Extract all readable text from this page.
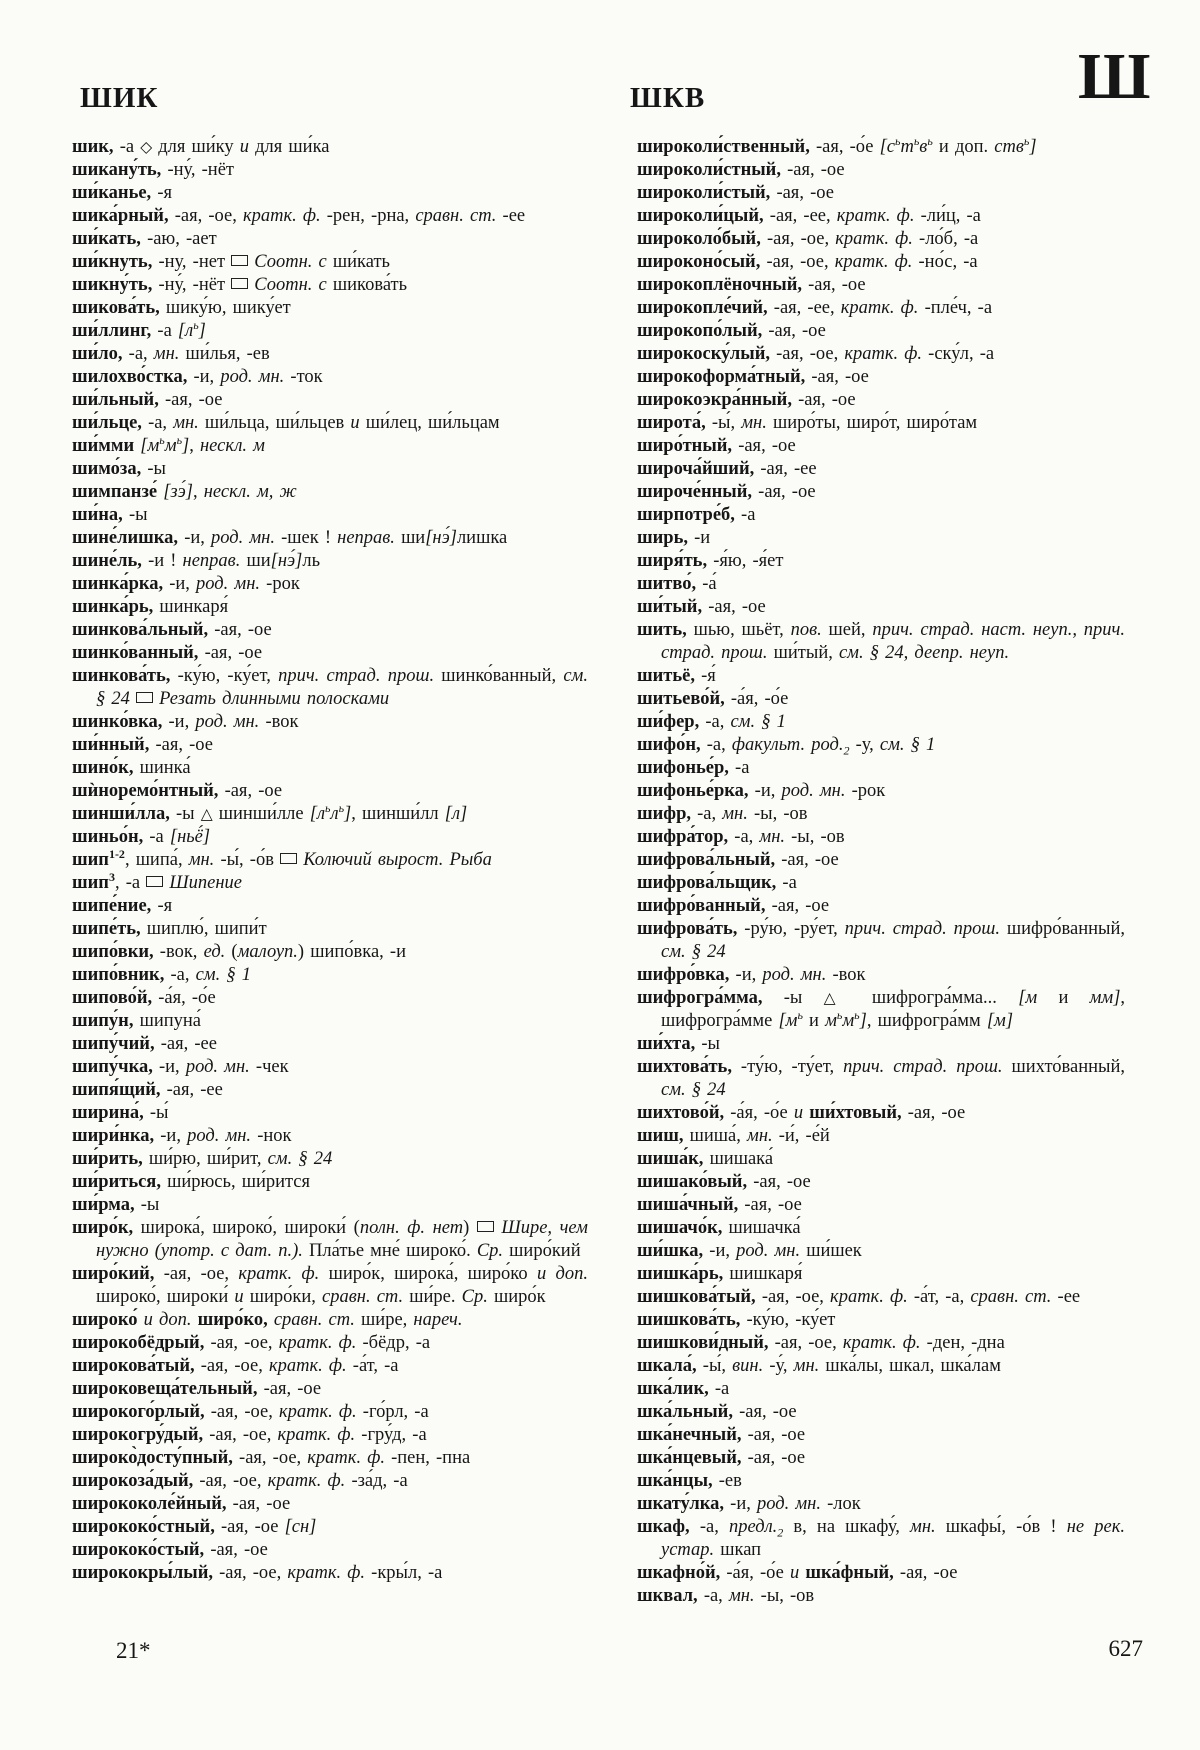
ШИК	ШКВ	Ш
шик, -а ◇ для ши́ку и для ши́ка
шикану́ть, -ну́, -нёт
ши́канье, -я
шика́рный, -ая, -ое, кратк. ф. -рен, -рна, сравн. ст. -ее
ши́кать, -аю, -ает
ши́кнуть, -ну, -нет  Соотн. с ши́кать
шикну́ть, -ну́, -нёт  Соотн. с шикова́ть
шикова́ть, шику́ю, шику́ет
ши́ллинг, -а $[л^ь]$
ши́ло, -а, мн. ши́лья, -ев
шилохво́стка, -и, род. мн. -ток
ши́льный, -ая, -ое
ши́льце, -а, мн. ши́льца, ши́льцев и ши́лец, ши́льцам
ши́мми $[м^ьм^ь]$, нескл. м
шимо́за, -ы
шимпанзе́ [зэ́], нескл. м, ж
ши́на, -ы
шине́лишка, -и, род. мн. -шек ! неправ. ши[нэ́]лишка
шине́ль, -и ! неправ. ши[нэ́]ль
шинка́рка, -и, род. мн. -рок
шинка́рь, шинкаря́
шинкова́льный, -ая, -ое
шинко́ванный, -ая, -ое
шинкова́ть, -ку́ю, -ку́ет, прич. страд. прош. шинко́ванный, см. § 24 Резать длинными полосками
шинко́вка, -и, род. мн. -вок
ши́нный, -ая, -ое
шино́к, шинка́
шѝноремо́нтный, -ая, -ое
шинши́лла, -ы △ шинши́лле $[л^ьл^ь]$, шинши́лл [л]
шиньо́н, -а [ньё́]
шип$^{1-2}$, шипа́, мн. -ы́, -о́в  Колючий вырост. Рыба
шип$^3$, -а  Шипение
шипе́ние, -я
шипе́ть, шиплю́, шипи́т
шипо́вки, -вок, ед. (малоуп.) шипо́вка, -и
шипо́вник, -а, см. § 1
шипово́й, -а́я, -о́е
шипу́н, шипуна́
шипу́чий, -ая, -ее
шипу́чка, -и, род. мн. -чек
шипя́щий, -ая, -ее
ширина́, -ы́
шири́нка, -и, род. мн. -нок
ши́рить, ши́рю, ши́рит, см. § 24
ши́риться, ши́рюсь, ши́рится
ши́рма, -ы
широ́к, широка́, широко́, широки́ (полн. ф. нет)  Шире, чем нужно (употр. с дат. п.). Пла́тье мне́ широко́. Ср. широ́кий
широ́кий, -ая, -ое, кратк. ф. широ́к, широка́, широ́ко и доп. широко́, широки́ и широ́ки, сравн. ст. ши́ре. Ср. широ́к
широко́ и доп. широ́ко, сравн. ст. ши́ре, нареч.
широкобёдрый, -ая, -ое, кратк. ф. -бёдр, -а
широкова́тый, -ая, -ое, кратк. ф. -а́т, -а
широковеща́тельный, -ая, -ое
широкого́рлый, -ая, -ое, кратк. ф. -го́рл, -а
широкогру́дый, -ая, -ое, кратк. ф. -гру́д, -а
широко̀досту́пный, -ая, -ое, кратк. ф. -пен, -пна
широкоза́дый, -ая, -ое, кратк. ф. -за́д, -а
ширококоле́йный, -ая, -ое
ширококо́стный, -ая, -ое [сн]
ширококо́стый, -ая, -ое
ширококры́лый, -ая, -ое, кратк. ф. -кры́л, -а
широколи́ственный, -ая, -о́е [$с^ьт^ьв^ь$ и доп. ств$^ь$]
широколи́стный, -ая, -ое
широколи́стый, -ая, -ое
широколи́цый, -ая, -ее, кратк. ф. -ли́ц, -а
широколо́бый, -ая, -ое, кратк. ф. -ло́б, -а
широконо́сый, -ая, -ое, кратк. ф. -но́с, -а
широкоплёночный, -ая, -ое
широкопле́чий, -ая, -ее, кратк. ф. -пле́ч, -а
широкопо́лый, -ая, -ое
широкоску́лый, -ая, -ое, кратк. ф. -ску́л, -а
широкоформа́тный, -ая, -ое
широкоэкра́нный, -ая, -ое
широта́, -ы́, мн. широ́ты, широ́т, широ́там
широ́тный, -ая, -ое
широча́йший, -ая, -ее
широче́нный, -ая, -ое
ширпотре́б, -а
ширь, -и
ширя́ть, -я́ю, -я́ет
шитво́, -а́
ши́тый, -ая, -ое
шить, шью, шьёт, пов. шей, прич. страд. наст. неуп., прич. страд. прош. ши́тый, см. § 24, деепр. неуп.
шитьё, -я́
шитьево́й, -а́я, -о́е
ши́фер, -а, см. § 1
шифо́н, -а, факульт. $род._2$ -у, см. § 1
шифонье́р, -а
шифонье́рка, -и, род. мн. -рок
шифр, -а, мн. -ы, -ов
шифра́тор, -а, мн. -ы, -ов
шифрова́льный, -ая, -ое
шифрова́льщик, -а
шифро́ванный, -ая, -ое
шифрова́ть, -ру́ю, -ру́ет, прич. страд. прош. шифро́ванный, см. § 24
шифро́вка, -и, род. мн. -вок
шифрогра́мма, -ы △ шифрогра́мма... [м и мм], шифрогра́мме [$м^ь$ и $м^ьм^ь$], шифрогра́мм [м]
ши́хта, -ы
шихтова́ть, -ту́ю, -ту́ет, прич. страд. прош. шихто́ванный, см. § 24
шихтово́й, -а́я, -о́е и ши́хтовый, -ая, -ое
шиш, шиша́, мн. -и́, -е́й
шиша́к, шишака́
шишако́вый, -ая, -ое
шиша́чный, -ая, -ое
шишачо́к, шишачка́
ши́шка, -и, род. мн. ши́шек
шишка́рь, шишкаря́
шишкова́тый, -ая, -ое, кратк. ф. -а́т, -а, сравн. ст. -ее
шишкова́ть, -ку́ю, -ку́ет
шишкови́дный, -ая, -ое, кратк. ф. -ден, -дна
шкала́, -ы́, вин. -у́, мн. шка́лы, шкал, шка́лам
шка́лик, -а
шка́льный, -ая, -ое
шка́нечный, -ая, -ое
шка́нцевый, -ая, -ое
шка́нцы, -ев
шкату́лка, -и, род. мн. -лок
шкаф, -а, $предл._2$ в, на шкафу́, мн. шкафы́, -о́в ! не рек. устар. шкап
шкафно́й, -а́я, -о́е и шка́фный, -ая, -ое
шквал, -а, мн. -ы, -ов
21*	627
